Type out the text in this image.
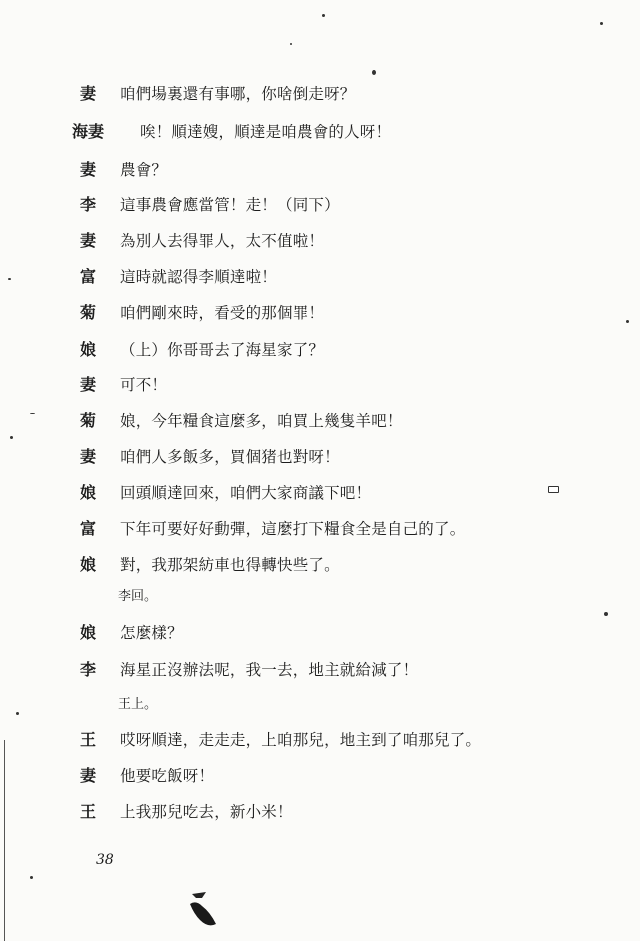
妻 咱們場裏還有事哪，你啥倒走呀？
海妻 唉！順達嫂，順達是咱農會的人呀！
妻 農會？
李 這事農會應當管！走！（同下）
妻 為別人去得罪人，太不值啦！
富 這時就認得李順達啦！
菊 咱們剛來時，看受的那個罪！
娘 （上）你哥哥去了海星家了？
妻 可不！
菊 娘，今年糧食這麼多，咱買上幾隻羊吧！
妻 咱們人多飯多，買個猪也對呀！
娘 回頭順達回來，咱們大家商議下吧！
富 下年可要好好動彈，這麼打下糧食全是自己的了。
娘 對，我那架紡車也得轉快些了。
李回。
娘 怎麼樣？
李 海星正沒辦法呢，我一去，地主就給減了！
王上。
王 哎呀順達，走走走，上咱那兒，地主到了咱那兒了。
妻 他要吃飯呀！
王 上我那兒吃去，新小米！
38
